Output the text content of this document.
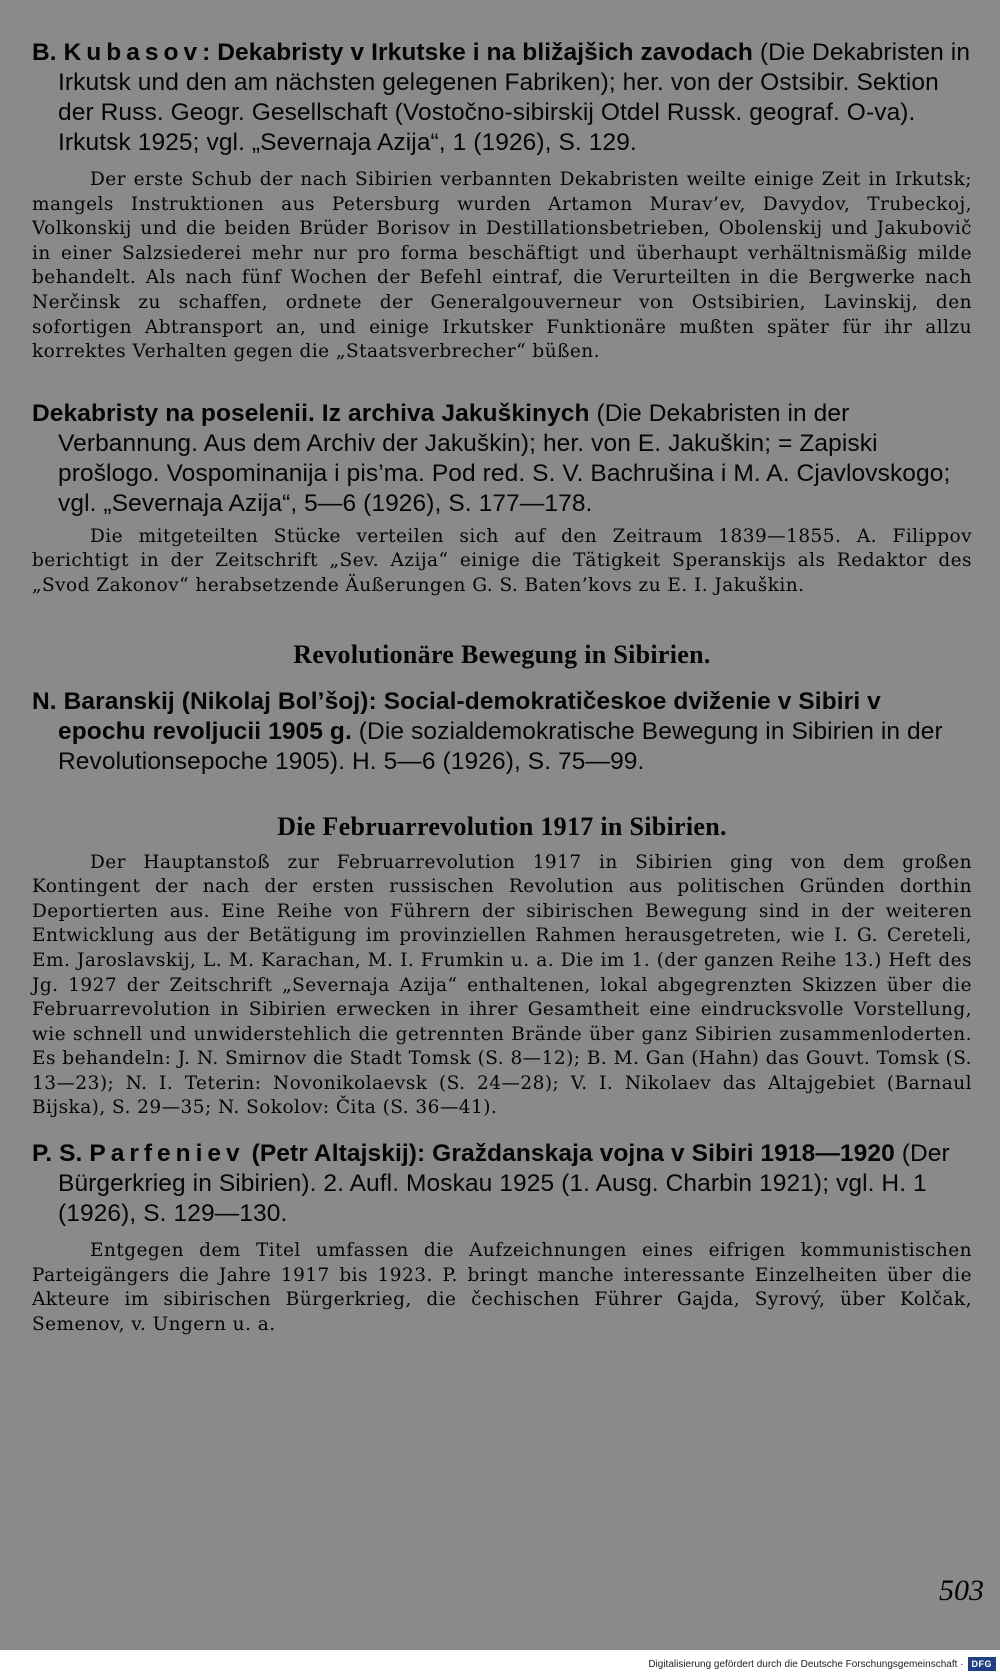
B. Kubasov: Dekabristy v Irkutske i na bližajšich zavodach (Die Dekabristen in Irkutsk und den am nächsten gelegenen Fabriken); her. von der Ostsibir. Sektion der Russ. Geogr. Gesellschaft (Vostočno-sibirskij Otdel Russk. geograf. O-va). Irkutsk 1925; vgl. „Severnaja Azija“, 1 (1926), S. 129.

Der erste Schub der nach Sibirien verbannten Dekabristen weilte einige Zeit in Irkutsk; mangels Instruktionen aus Petersburg wurden Artamon Murav’ev, Davydov, Trubeckoj, Volkonskij und die beiden Brüder Borisov in Destillationsbetrieben, Obolenskij und Jakubovič in einer Salzsiederei mehr nur pro forma beschäftigt und überhaupt verhältnismäßig milde behandelt. Als nach fünf Wochen der Befehl eintraf, die Verurteilten in die Bergwerke nach Nerčinsk zu schaffen, ordnete der Generalgouverneur von Ostsibirien, Lavinskij, den sofortigen Abtransport an, und einige Irkutsker Funktionäre mußten später für ihr allzu korrektes Verhalten gegen die „Staatsverbrecher“ büßen.

Dekabristy na poselenii. Iz archiva Jakuškinych (Die Dekabristen in der Verbannung. Aus dem Archiv der Jakuškin); her. von E. Jakuškin; = Zapiski prošlogo. Vospominanija i pis’ma. Pod red. S. V. Bachrušina i M. A. Cjavlovskogo; vgl. „Severnaja Azija“, 5—6 (1926), S. 177—178.

Die mitgeteilten Stücke verteilen sich auf den Zeitraum 1839—1855. A. Filippov berichtigt in der Zeitschrift „Sev. Azija“ einige die Tätigkeit Speranskijs als Redaktor des „Svod Zakonov“ herabsetzende Äußerungen G. S. Baten’kovs zu E. I. Jakuškin.

Revolutionäre Bewegung in Sibirien.

N. Baranskij (Nikolaj Bol’šoj): Social-demokratičeskoe dviženie v Sibiri v epochu revoljucii 1905 g. (Die sozialdemokratische Bewegung in Sibirien in der Revolutionsepoche 1905). H. 5—6 (1926), S. 75—99.

Die Februarrevolution 1917 in Sibirien.

Der Hauptanstoß zur Februarrevolution 1917 in Sibirien ging von dem großen Kontingent der nach der ersten russischen Revolution aus politischen Gründen dorthin Deportierten aus. Eine Reihe von Führern der sibirischen Bewegung sind in der weiteren Entwicklung aus der Betätigung im provinziellen Rahmen herausgetreten, wie I. G. Cereteli, Em. Jaroslavskij, L. M. Karachan, M. I. Frumkin u. a. Die im 1. (der ganzen Reihe 13.) Heft des Jg. 1927 der Zeitschrift „Severnaja Azija“ enthaltenen, lokal abgegrenzten Skizzen über die Februarrevolution in Sibirien erwecken in ihrer Gesamtheit eine eindrucksvolle Vorstellung, wie schnell und unwiderstehlich die getrennten Brände über ganz Sibirien zusammenloderten. Es behandeln: J. N. Smirnov die Stadt Tomsk (S. 8—12); B. M. Gan (Hahn) das Gouvt. Tomsk (S. 13—23); N. I. Teterin: Novonikolaevsk (S. 24—28); V. I. Nikolaev das Altajgebiet (Barnaul Bijska), S. 29—35; N. Sokolov: Čita (S. 36—41).

P. S. Parfeniev (Petr Altajskij): Graždanskaja vojna v Sibiri 1918—1920 (Der Bürgerkrieg in Sibirien). 2. Aufl. Moskau 1925 (1. Ausg. Charbin 1921); vgl. H. 1 (1926), S. 129—130.

Entgegen dem Titel umfassen die Aufzeichnungen eines eifrigen kommunistischen Parteigängers die Jahre 1917 bis 1923. P. bringt manche interessante Einzelheiten über die Akteure im sibirischen Bürgerkrieg, die čechischen Führer Gajda, Syrový, über Kolčak, Semenov, v. Ungern u. a.

503
Digitalisierung gefördert durch die Deutsche Forschungsgemeinschaft · DFG
